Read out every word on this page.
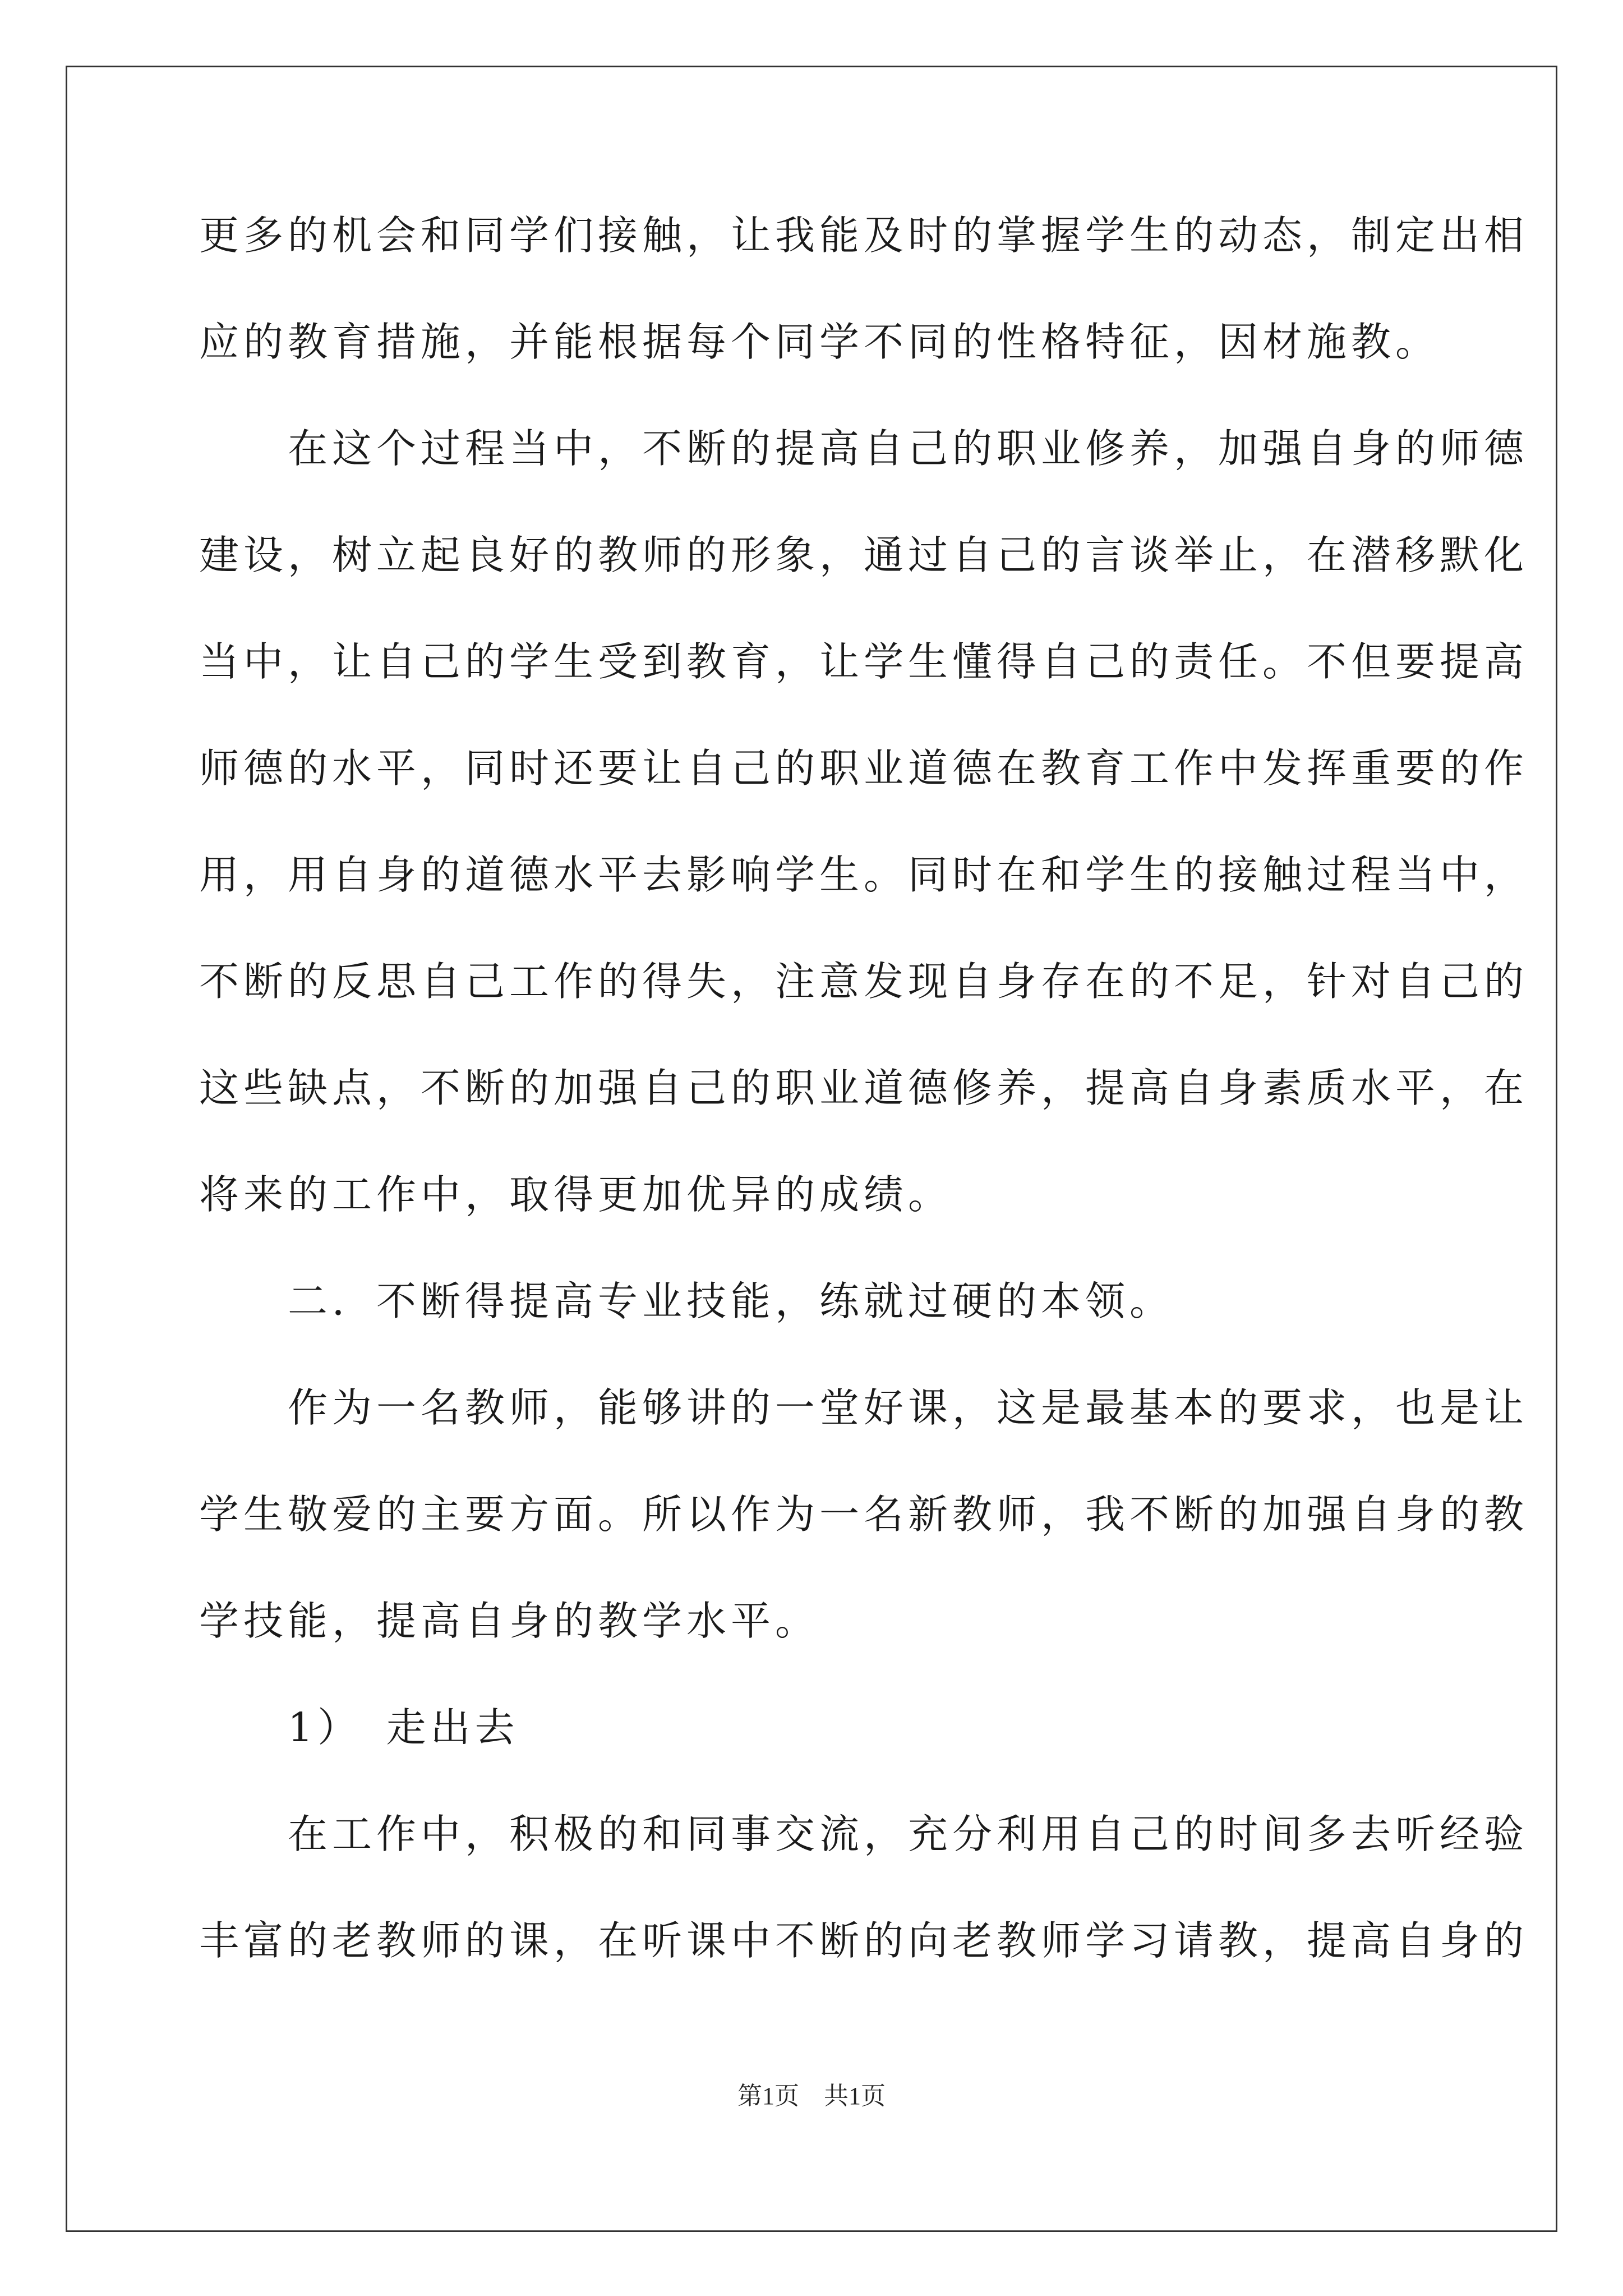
更多的机会和同学们接触，让我能及时的掌握学生的动态，制定出相
应的教育措施，并能根据每个同学不同的性格特征，因材施教。
　　在这个过程当中，不断的提高自己的职业修养，加强自身的师德
建设，树立起良好的教师的形象，通过自己的言谈举止，在潜移默化
当中，让自己的学生受到教育，让学生懂得自己的责任。不但要提高
师德的水平，同时还要让自己的职业道德在教育工作中发挥重要的作
用，用自身的道德水平去影响学生。同时在和学生的接触过程当中，
不断的反思自己工作的得失，注意发现自身存在的不足，针对自己的
这些缺点，不断的加强自己的职业道德修养，提高自身素质水平，在
将来的工作中，取得更加优异的成绩。
　　二．不断得提高专业技能，练就过硬的本领。
　　作为一名教师，能够讲的一堂好课，这是最基本的要求，也是让
学生敬爱的主要方面。所以作为一名新教师，我不断的加强自身的教
学技能，提高自身的教学水平。
　　1）　走出去
　　在工作中，积极的和同事交流，充分利用自己的时间多去听经验
丰富的老教师的课，在听课中不断的向老教师学习请教，提高自身的
第1页　共1页
